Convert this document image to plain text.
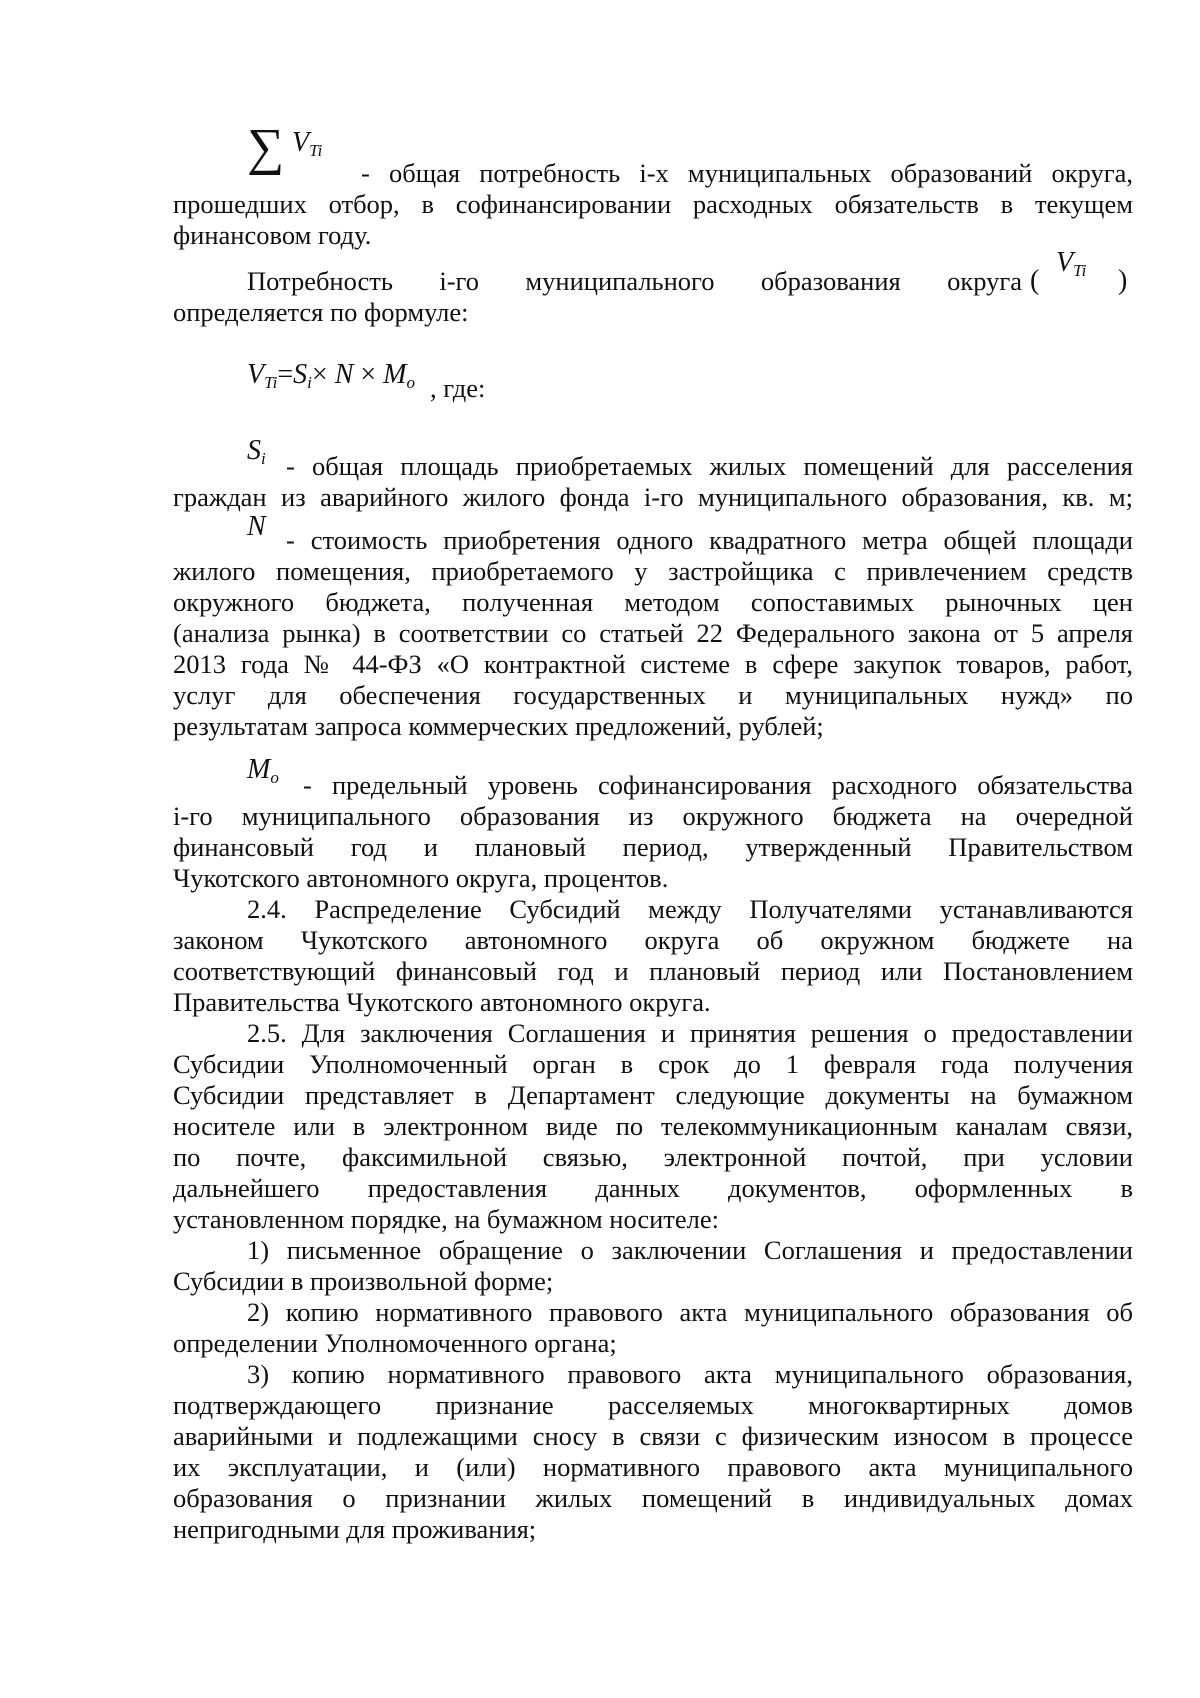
∑ $V_{Ti}$
- общая потребность i-х муниципальных образований округа,
прошедших отбор, в софинансировании расходных обязательств в текущем
финансовом году.
Потребность i-го муниципального образования округа (
$V_{Ti}$ )
определяется по формуле:
$V_{Ti}=S_i\times N \times M_o$ , где:
$S_i$ - общая площадь приобретаемых жилых помещений для расселения
граждан из аварийного жилого фонда i-го муниципального образования, кв. м;
N - стоимость приобретения одного квадратного метра общей площади
жилого помещения, приобретаемого у застройщика с привлечением средств
окружного бюджета, полученная методом сопоставимых рыночных цен
(анализа рынка) в соответствии со статьей 22 Федерального закона от 5 апреля
2013 года № 44-ФЗ «О контрактной системе в сфере закупок товаров, работ,
услуг для обеспечения государственных и муниципальных нужд» по
результатам запроса коммерческих предложений, рублей;
$M_o$ - предельный уровень софинансирования расходного обязательства
i-го муниципального образования из окружного бюджета на очередной
финансовый год и плановый период, утвержденный Правительством
Чукотского автономного округа, процентов.
2.4. Распределение Субсидий между Получателями устанавливаются
законом Чукотского автономного округа об окружном бюджете на
соответствующий финансовый год и плановый период или Постановлением
Правительства Чукотского автономного округа.
2.5. Для заключения Соглашения и принятия решения о предоставлении
Субсидии Уполномоченный орган в срок до 1 февраля года получения
Субсидии представляет в Департамент следующие документы на бумажном
носителе или в электронном виде по телекоммуникационным каналам связи,
по почте, факсимильной связью, электронной почтой, при условии
дальнейшего предоставления данных документов, оформленных в
установленном порядке, на бумажном носителе:
1) письменное обращение о заключении Соглашения и предоставлении
Субсидии в произвольной форме;
2) копию нормативного правового акта муниципального образования об
определении Уполномоченного органа;
3) копию нормативного правового акта муниципального образования,
подтверждающего признание расселяемых многоквартирных домов
аварийными и подлежащими сносу в связи с физическим износом в процессе
их эксплуатации, и (или) нормативного правового акта муниципального
образования о признании жилых помещений в индивидуальных домах
непригодными для проживания;
